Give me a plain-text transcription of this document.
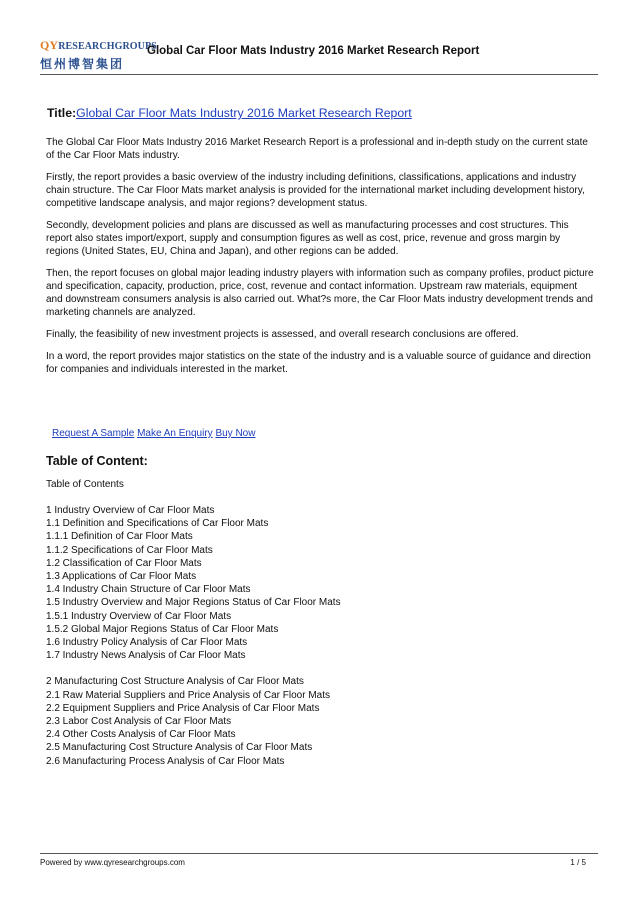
QYRESEARCHGROUPS
恒州博智集团
Global Car Floor Mats Industry 2016 Market Research Report
Title:Global Car Floor Mats Industry 2016 Market Research Report

The Global Car Floor Mats Industry 2016 Market Research Report is a professional and in-depth study on the current state of the Car Floor Mats industry.

Firstly, the report provides a basic overview of the industry including definitions, classifications, applications and industry chain structure. The Car Floor Mats market analysis is provided for the international market including development history, competitive landscape analysis, and major regions? development status.

Secondly, development policies and plans are discussed as well as manufacturing processes and cost structures. This report also states import/export, supply and consumption figures as well as cost, price, revenue and gross margin by regions (United States, EU, China and Japan), and other regions can be added.

Then, the report focuses on global major leading industry players with information such as company profiles, product picture and specification, capacity, production, price, cost, revenue and contact information. Upstream raw materials, equipment and downstream consumers analysis is also carried out. What?s more, the Car Floor Mats industry development trends and marketing channels are analyzed.

Finally, the feasibility of new investment projects is assessed, and overall research conclusions are offered.

In a word, the report provides major statistics on the state of the industry and is a valuable source of guidance and direction for companies and individuals interested in the market.

Request A Sample Make An Enquiry Buy Now
Table of Content:
Table of Contents
1 Industry Overview of Car Floor Mats
1.1 Definition and Specifications of Car Floor Mats
1.1.1 Definition of Car Floor Mats
1.1.2 Specifications of Car Floor Mats
1.2 Classification of Car Floor Mats
1.3 Applications of Car Floor Mats
1.4 Industry Chain Structure of Car Floor Mats
1.5 Industry Overview and Major Regions Status of Car Floor Mats
1.5.1 Industry Overview of Car Floor Mats
1.5.2 Global Major Regions Status of Car Floor Mats
1.6 Industry Policy Analysis of Car Floor Mats
1.7 Industry News Analysis of Car Floor Mats
2 Manufacturing Cost Structure Analysis of Car Floor Mats
2.1 Raw Material Suppliers and Price Analysis of Car Floor Mats
2.2 Equipment Suppliers and Price Analysis of Car Floor Mats
2.3 Labor Cost Analysis of Car Floor Mats
2.4 Other Costs Analysis of Car Floor Mats
2.5 Manufacturing Cost Structure Analysis of Car Floor Mats
2.6 Manufacturing Process Analysis of Car Floor Mats
Powered by www.qyresearchgroups.com	1 / 5
